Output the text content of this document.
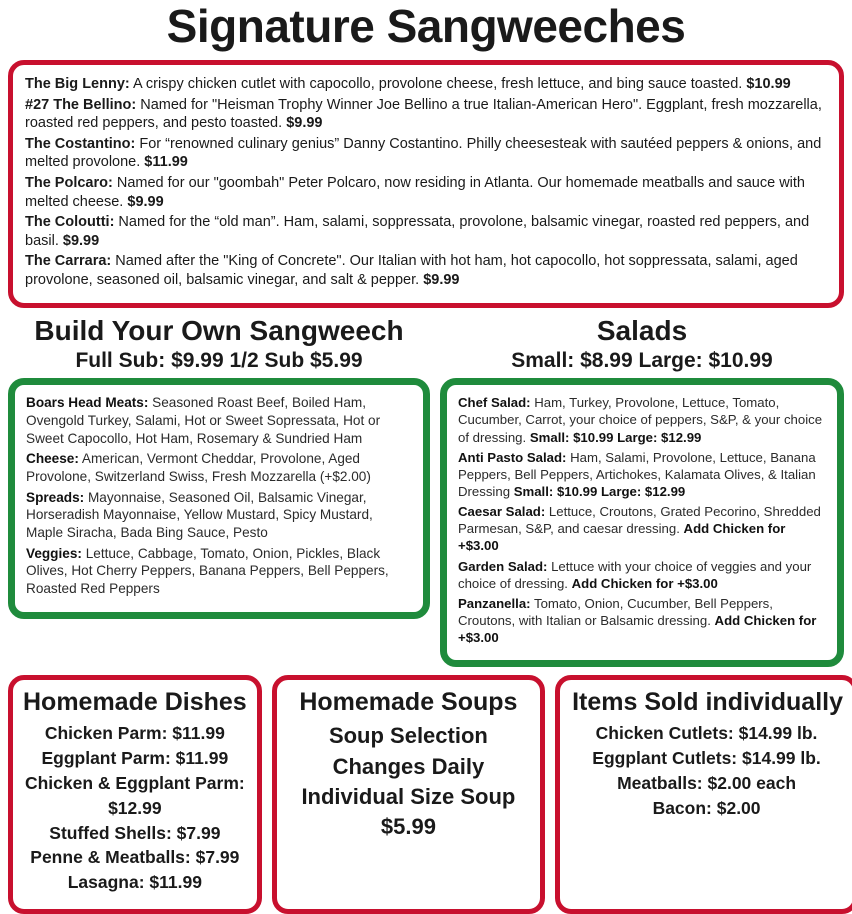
Signature Sangweeches

The Big Lenny: A crispy chicken cutlet with capocollo, provolone cheese, fresh lettuce, and bing sauce toasted. $10.99

#27 The Bellino: Named for "Heisman Trophy Winner Joe Bellino a true Italian-American Hero". Eggplant, fresh mozzarella, roasted red peppers, and pesto toasted. $9.99

The Costantino: For “renowned culinary genius” Danny Costantino. Philly cheesesteak with sautéed peppers & onions, and melted provolone. $11.99

The Polcaro: Named for our "goombah" Peter Polcaro, now residing in Atlanta. Our homemade meatballs and sauce with melted cheese. $9.99

The Coloutti: Named for the “old man”. Ham, salami, soppressata, provolone, balsamic vinegar, roasted red peppers, and basil. $9.99

The Carrara: Named after the "King of Concrete". Our Italian with hot ham, hot capocollo, hot soppressata, salami, aged provolone, seasoned oil, balsamic vinegar, and salt & pepper. $9.99

Build Your Own Sangweech
Full Sub: $9.99 1/2 Sub $5.99

Boars Head Meats: Seasoned Roast Beef, Boiled Ham, Ovengold Turkey, Salami, Hot or Sweet Sopressata, Hot or Sweet Capocollo, Hot Ham, Rosemary & Sundried Ham

Cheese: American, Vermont Cheddar, Provolone, Aged Provolone, Switzerland Swiss, Fresh Mozzarella (+$2.00)

Spreads: Mayonnaise, Seasoned Oil, Balsamic Vinegar, Horseradish Mayonnaise, Yellow Mustard, Spicy Mustard, Maple Siracha, Bada Bing Sauce, Pesto

Veggies: Lettuce, Cabbage, Tomato, Onion, Pickles, Black Olives, Hot Cherry Peppers, Banana Peppers, Bell Peppers, Roasted Red Peppers

Salads
Small: $8.99 Large: $10.99

Chef Salad: Ham, Turkey, Provolone, Lettuce, Tomato, Cucumber, Carrot, your choice of peppers, S&P, & your choice of dressing. Small: $10.99 Large: $12.99

Anti Pasto Salad: Ham, Salami, Provolone, Lettuce, Banana Peppers, Bell Peppers, Artichokes, Kalamata Olives, & Italian Dressing Small: $10.99 Large: $12.99

Caesar Salad: Lettuce, Croutons, Grated Pecorino, Shredded Parmesan, S&P, and caesar dressing. Add Chicken for +$3.00

Garden Salad: Lettuce with your choice of veggies and your choice of dressing. Add Chicken for +$3.00

Panzanella: Tomato, Onion, Cucumber, Bell Peppers, Croutons, with Italian or Balsamic dressing. Add Chicken for +$3.00

Homemade Dishes

Chicken Parm: $11.99

Eggplant Parm: $11.99

Chicken & Eggplant Parm:

$12.99

Stuffed Shells: $7.99

Penne & Meatballs: $7.99

Lasagna: $11.99

Homemade Soups

Soup Selection

Changes Daily

Individual Size Soup

$5.99

Items Sold individually

Chicken Cutlets: $14.99 lb.

Eggplant Cutlets: $14.99 lb.

Meatballs: $2.00 each

Bacon: $2.00
